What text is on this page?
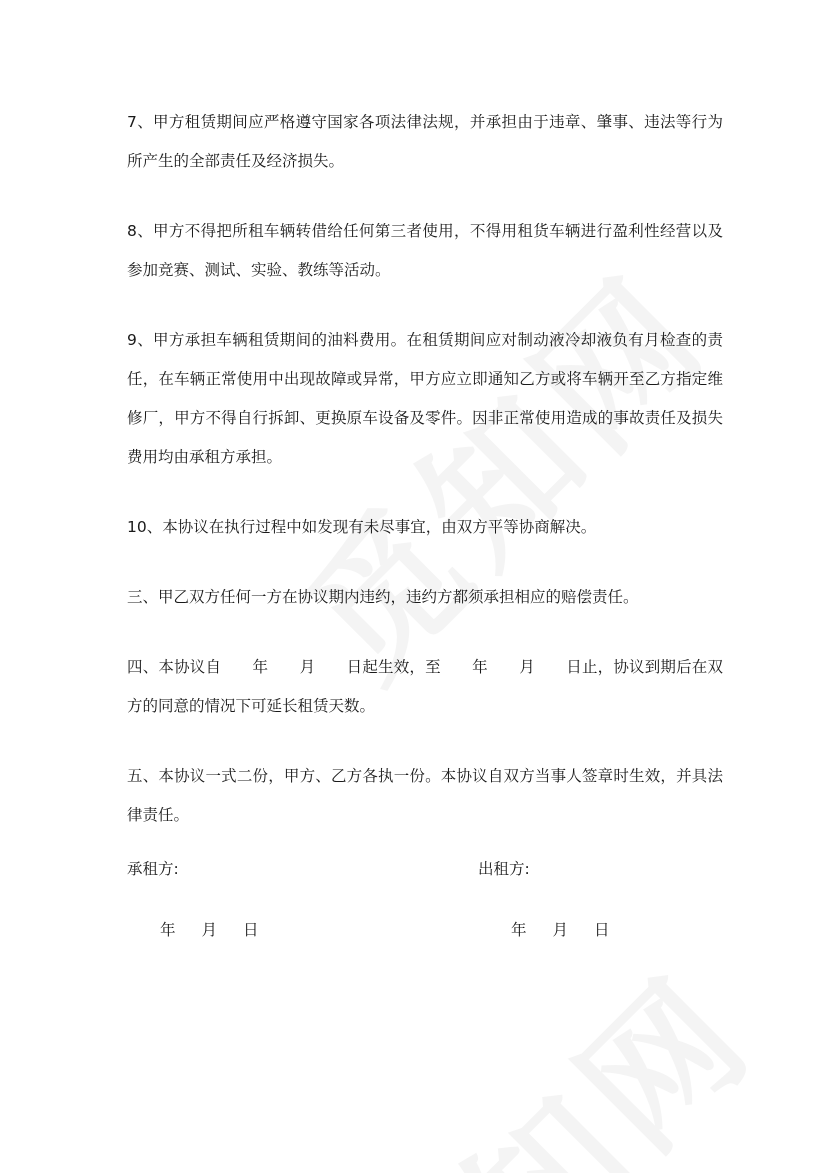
7、甲方租赁期间应严格遵守国家各项法律法规，并承担由于违章、肇事、违法等行为所产生的全部责任及经济损失。

8、甲方不得把所租车辆转借给任何第三者使用，不得用租货车辆进行盈利性经营以及参加竞赛、测试、实验、教练等活动。

9、甲方承担车辆租赁期间的油料费用。在租赁期间应对制动液冷却液负有月检查的责任，在车辆正常使用中出现故障或异常，甲方应立即通知乙方或将车辆开至乙方指定维修厂，甲方不得自行拆卸、更换原车设备及零件。因非正常使用造成的事故责任及损失费用均由承租方承担。

10、本协议在执行过程中如发现有未尽事宜，由双方平等协商解决。

三、甲乙双方任何一方在协议期内违约，违约方都须承担相应的赔偿责任。

四、本协议自　　年　　月　　日起生效，至　　年　　月　　日止，协议到期后在双方的同意的情况下可延长租赁天数。

五、本协议一式二份，甲方、乙方各执一份。本协议自双方当事人签章时生效，并具法律责任。

承租方:	出租方:
年 月 日	年 月 日
